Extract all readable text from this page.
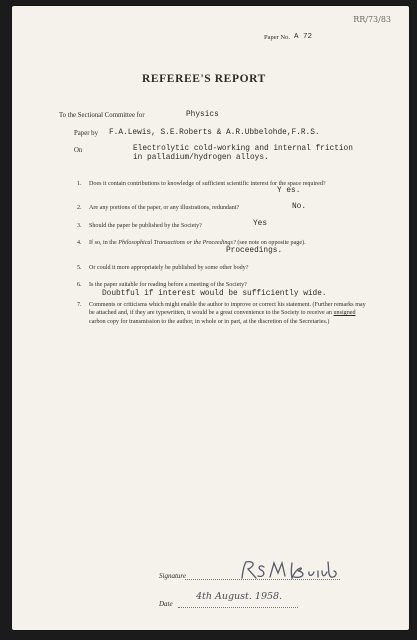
RR/73/83
Paper No. A 72
REFEREE'S REPORT
To the Sectional Committee for	Physics
Paper by F.A.Lewis, S.E.Roberts & A.R.Ubbelohde,F.R.S.
On	Electrolytic cold-working and internal friction
in palladium/hydrogen alloys.
1. Does it contain contributions to knowledge of sufficient scientific interest for the space required?
Y es.
2. Are any portions of the paper, or any illustrations, redundant?	No.
3. Should the paper be published by the Society?	Yes
4. If so, in the Philosophical Transactions or the Proceedings? (see note on opposite page).
Proceedings.
5. Or could it more appropriately be published by some other body?
6. Is the paper suitable for reading before a meeting of the Society?
Doubtful if interest would be sufficiently wide.
7. Comments or criticisms which might enable the author to improve or correct his statement. (Further remarks may be attached and, if they are typewritten, it would be a great convenience to the Society to receive an unsigned carbon copy for transmission to the author, in whole or in part, at the discretion of the Secretaries.)
Signature
Date
4th August. 1958.
